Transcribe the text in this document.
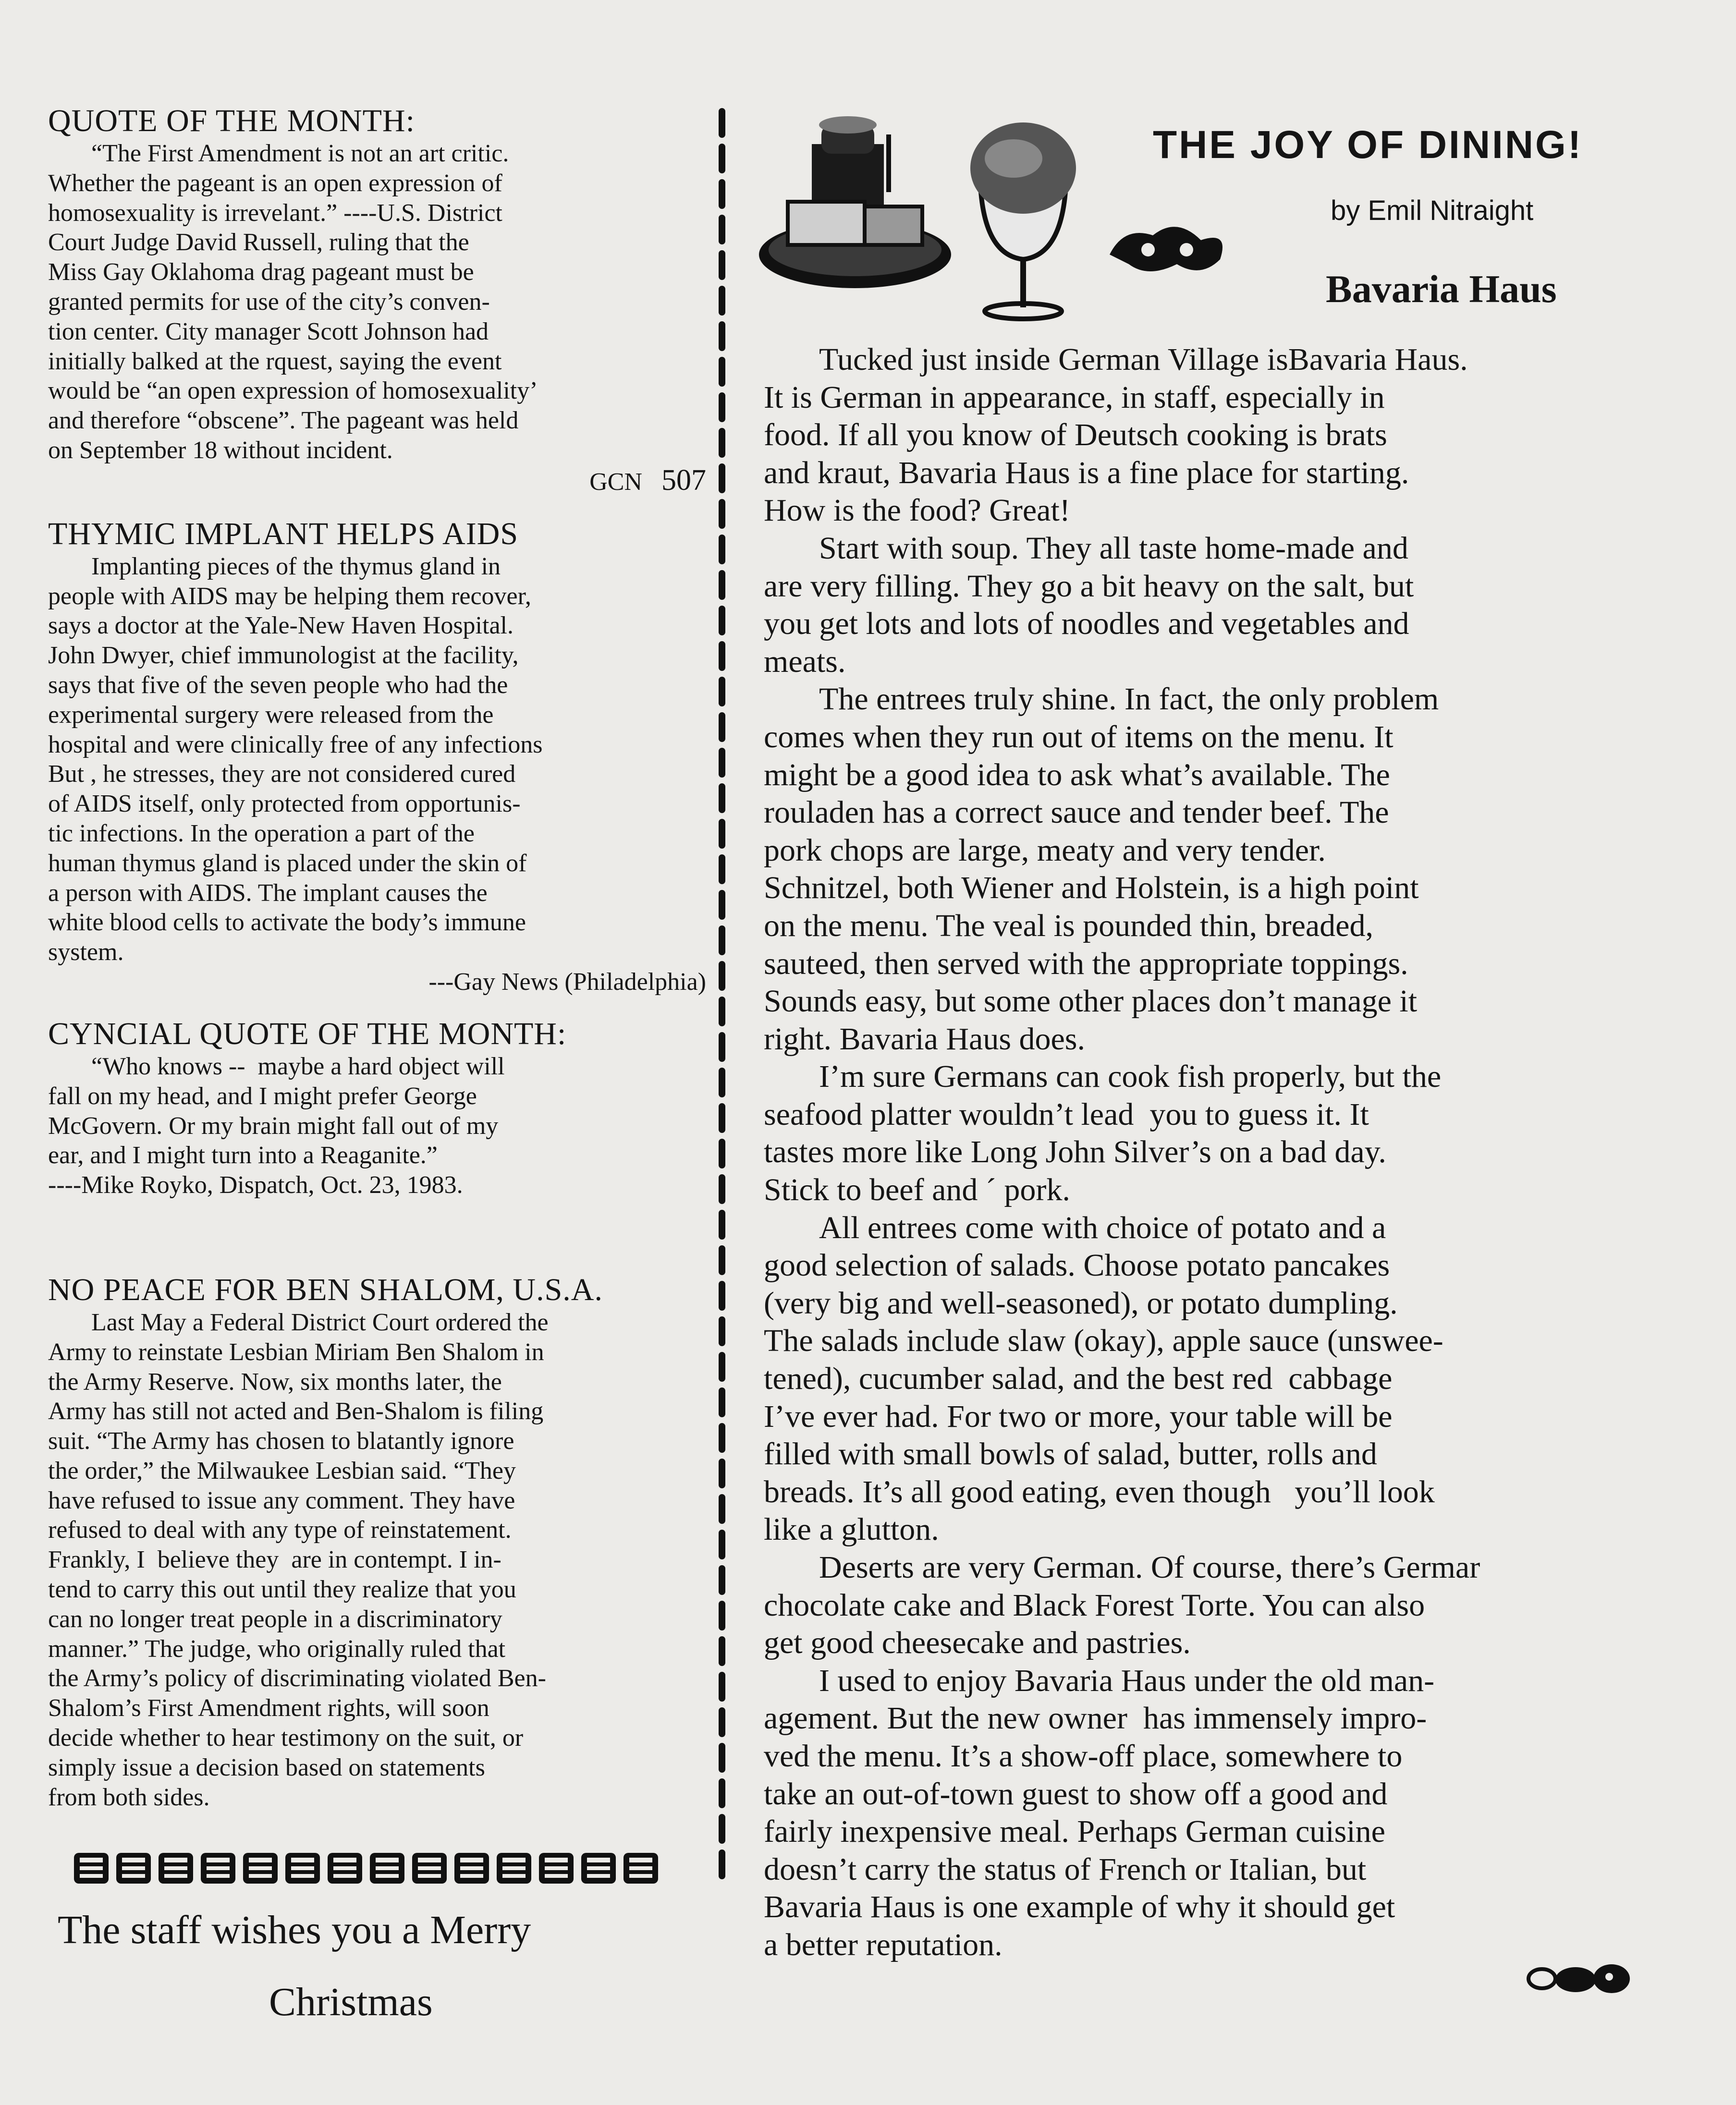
QUOTE OF THE MONTH:
“The First Amendment is not an art critic.
Whether the pageant is an open expression of
homosexuality is irrevelant.” ----U.S. District
Court Judge David Russell, ruling that the
Miss Gay Oklahoma drag pageant must be
granted permits for use of the city’s conven-
tion center. City manager Scott Johnson had
initially balked at the rquest, saying the event
would be “an open expression of homosexuality’
and therefore “obscene”. The pageant was held
on September 18 without incident.

GCN 507

THYMIC IMPLANT HELPS AIDS
Implanting pieces of the thymus gland in
people with AIDS may be helping them recover,
says a doctor at the Yale-New Haven Hospital.
John Dwyer, chief immunologist at the facility,
says that five of the seven people who had the
experimental surgery were released from the
hospital and were clinically free of any infections
But , he stresses, they are not considered cured
of AIDS itself, only protected from opportunis-
tic infections. In the operation a part of the
human thymus gland is placed under the skin of
a person with AIDS. The implant causes the
white blood cells to activate the body’s immune
system.

---Gay News (Philadelphia)

CYNCIAL QUOTE OF THE MONTH:
“Who knows --  maybe a hard object will
fall on my head, and I might prefer George
McGovern. Or my brain might fall out of my
ear, and I might turn into a Reaganite.”
----Mike Royko, Dispatch, Oct. 23, 1983.
NO PEACE FOR BEN SHALOM, U.S.A.
Last May a Federal District Court ordered the
Army to reinstate Lesbian Miriam Ben Shalom in
the Army Reserve. Now, six months later, the
Army has still not acted and Ben-Shalom is filing
suit. “The Army has chosen to blatantly ignore
the order,” the Milwaukee Lesbian said. “They
have refused to issue any comment. They have
refused to deal with any type of reinstatement.
Frankly, I  believe they  are in contempt. I in-
tend to carry this out until they realize that you
can no longer treat people in a discriminatory
manner.” The judge, who originally ruled that
the Army’s policy of discriminating violated Ben-
Shalom’s First Amendment rights, will soon
decide whether to hear testimony on the suit, or
simply issue a decision based on statements
from both sides.

The staff wishes you a Merry

Christmas

THE JOY OF DINING!

by Emil Nitraight

Bavaria Haus
Tucked just inside German Village isBavaria Haus.
It is German in appearance, in staff, especially in
food. If all you know of Deutsch cooking is brats
and kraut, Bavaria Haus is a fine place for starting.
How is the food? Great!
Start with soup. They all taste home-made and
are very filling. They go a bit heavy on the salt, but
you get lots and lots of noodles and vegetables and
meats.
The entrees truly shine. In fact, the only problem
comes when they run out of items on the menu. It
might be a good idea to ask what’s available. The
rouladen has a correct sauce and tender beef. The
pork chops are large, meaty and very tender.
Schnitzel, both Wiener and Holstein, is a high point
on the menu. The veal is pounded thin, breaded,
sauteed, then served with the appropriate toppings.
Sounds easy, but some other places don’t manage it
right. Bavaria Haus does.
I’m sure Germans can cook fish properly, but the
seafood platter wouldn’t lead  you to guess it. It
tastes more like Long John Silver’s on a bad day.
Stick to beef and ´ pork.
All entrees come with choice of potato and a
good selection of salads. Choose potato pancakes
(very big and well-seasoned), or potato dumpling.
The salads include slaw (okay), apple sauce (unswee-
tened), cucumber salad, and the best red  cabbage
I’ve ever had. For two or more, your table will be
filled with small bowls of salad, butter, rolls and
breads. It’s all good eating, even though   you’ll look
like a glutton.
Deserts are very German. Of course, there’s Germar
chocolate cake and Black Forest Torte. You can also
get good cheesecake and pastries.
I used to enjoy Bavaria Haus under the old man-
agement. But the new owner  has immensely impro-
ved the menu. It’s a show-off place, somewhere to
take an out-of-town guest to show off a good and
fairly inexpensive meal. Perhaps German cuisine
doesn’t carry the status of French or Italian, but
Bavaria Haus is one example of why it should get
a better reputation.
